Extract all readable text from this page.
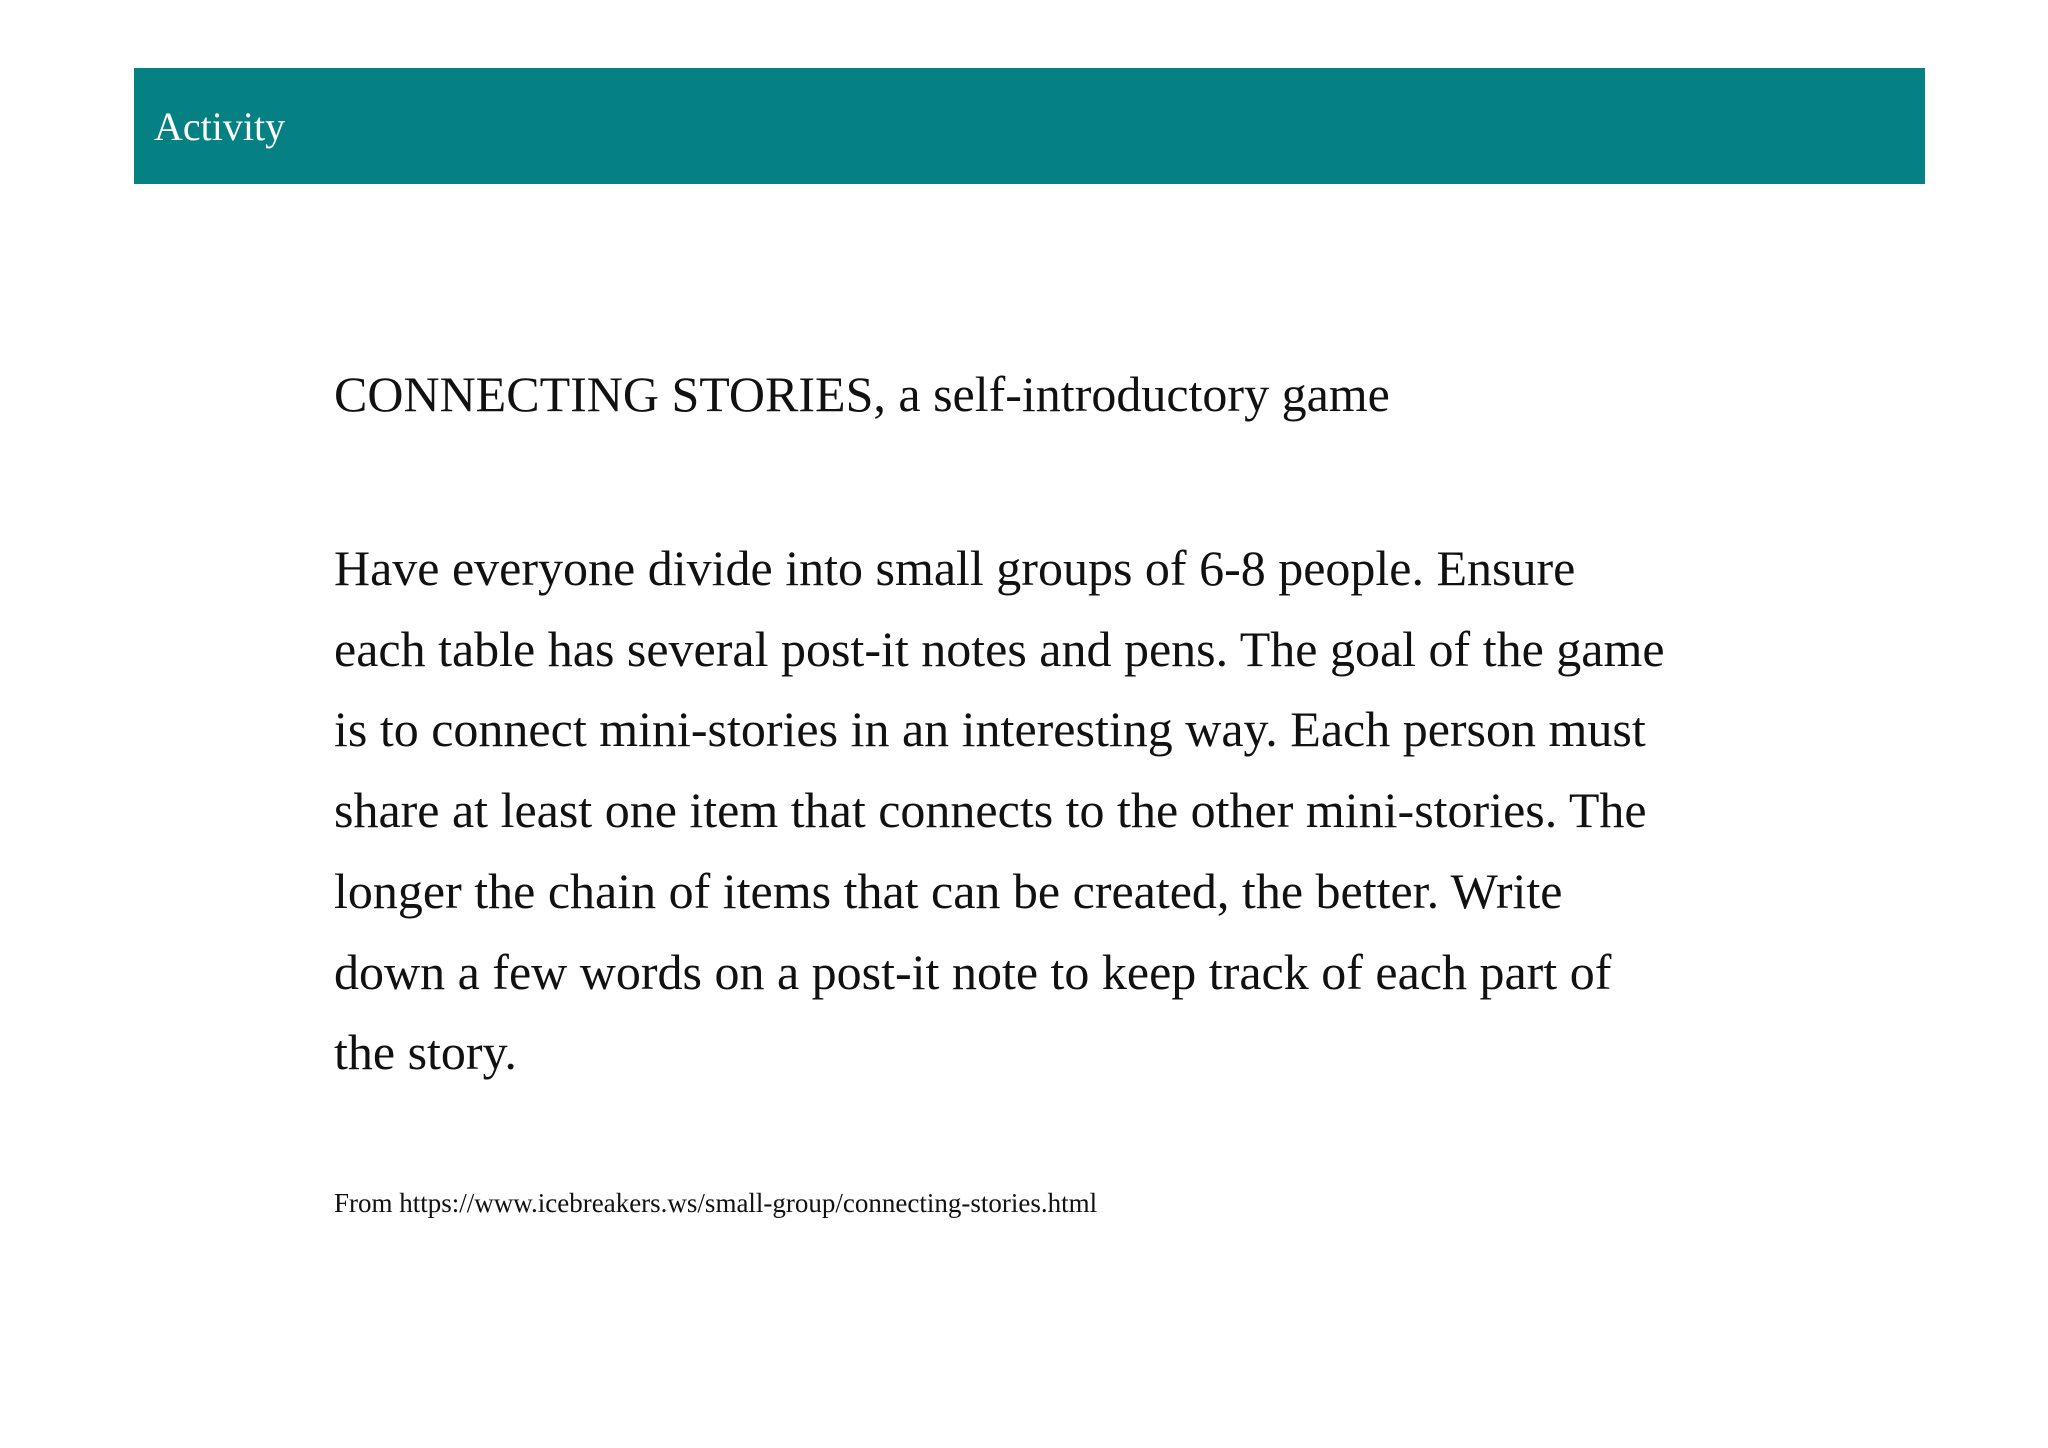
Activity
CONNECTING STORIES, a self-introductory game

Have everyone divide into small groups of 6-8 people. Ensure each table has several post-it notes and pens. The goal of the game is to connect mini-stories in an interesting way. Each person must share at least one item that connects to the other mini-stories. The longer the chain of items that can be created, the better. Write down a few words on a post-it note to keep track of each part of the story.

From https://www.icebreakers.ws/small-group/connecting-stories.html
